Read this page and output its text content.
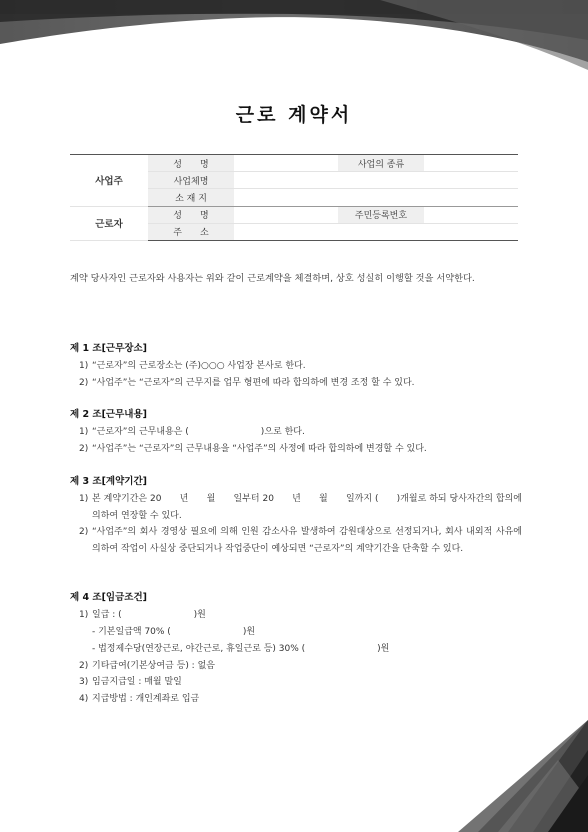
근로 계약서
사업주	성　　명		사업의 종류	
	사업체명			
	소 재 지			
근로자	성　　명		주민등록번호	
	주　　소			
계약 당사자인 근로자와 사용자는 위와 같이 근로계약을 체결하며, 상호 성실히 이행할 것을 서약한다.
제 1 조[근무장소]

1) “근로자”의 근로장소는 (주)○○○ 사업장 본사로 한다.

2) “사업주”는 “근로자”의 근무지를 업무 형편에 따라 합의하에 변경 조정 할 수 있다.

제 2 조[근무내용]

1) “근로자”의 근무내용은 (　　　　　　　　)으로 한다.

2) “사업주”는 “근로자”의 근무내용을 “사업주”의 사정에 따라 합의하에 변경할 수 있다.

제 3 조[계약기간]

1) 본 계약기간은 20　　년　　월　　일부터 20　　년　　월　　일까지 (　　)개월로 하되 당사자간의 합의에 의하여 연장할 수 있다.

2) “사업주”의 회사 경영상 필요에 의해 인원 감소사유 발생하여 감원대상으로 선정되거나, 회사 내외적 사유에 의하여 작업이 사실상 중단되거나 작업중단이 예상되면 “근로자”의 계약기간을 단축할 수 있다.

제 4 조[임금조건]

1) 일급 : (　　　　　　　　)원

- 기본일급액 70% (　　　　　　　　)원

- 법정제수당(연장근로, 야간근로, 휴일근로 등) 30% (　　　　　　　　)원

2) 기타급여(기본상여금 등) : 없음

3) 임금지급일 : 매월 말일

4) 지급방법 : 개인계좌로 입금
